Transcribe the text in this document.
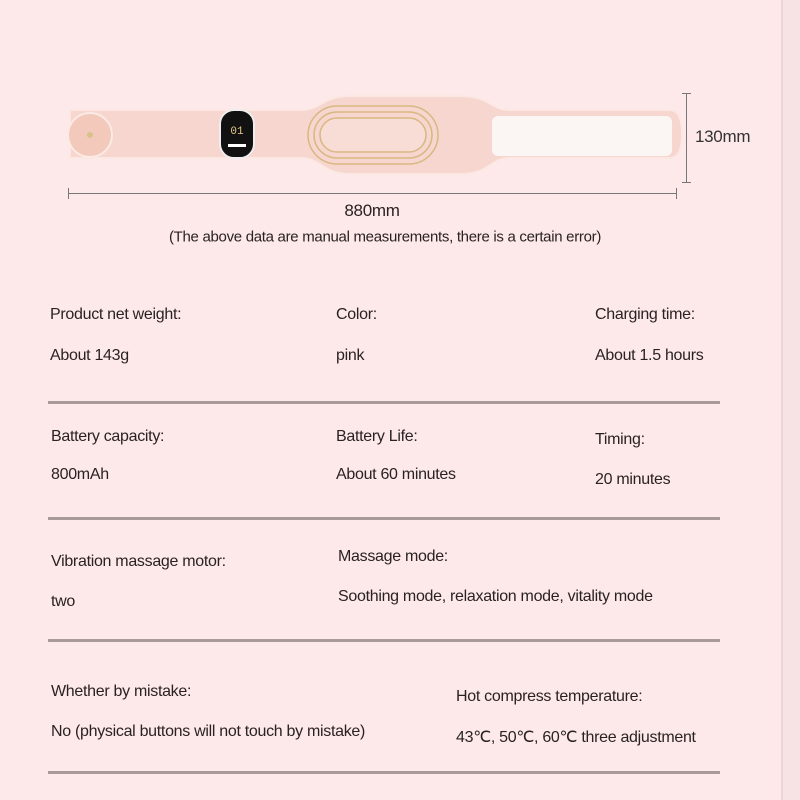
01	130mm
880mm
(The above data are manual measurements, there is a certain error)
Product net weight:
About 143g
Color:
pink
Charging time:
About 1.5 hours
Battery capacity:
800mAh
Battery Life:
About 60 minutes
Timing:
20 minutes
Vibration massage motor:
two
Massage mode:
Soothing mode, relaxation mode, vitality mode
Whether by mistake:
No (physical buttons will not touch by mistake)
Hot compress temperature:
43℃, 50℃, 60℃ three adjustment
